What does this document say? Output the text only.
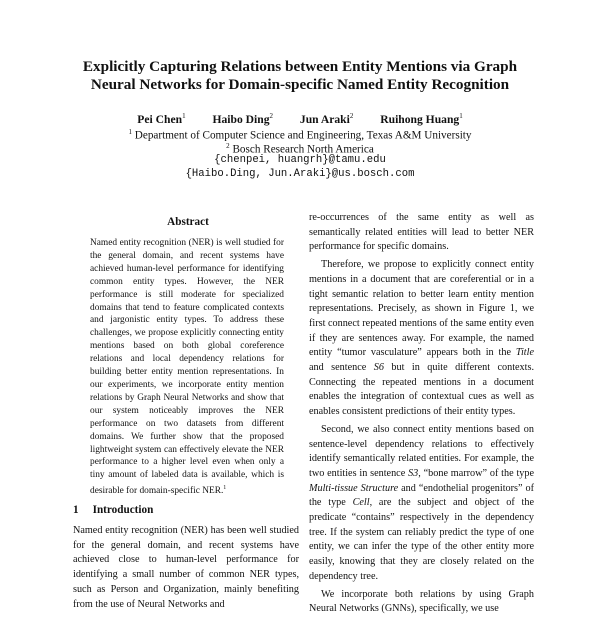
Explicitly Capturing Relations between Entity Mentions via Graph Neural Networks for Domain-specific Named Entity Recognition
Pei Chen$^1$ Haibo Ding$^2$ Jun Araki$^2$ Ruihong Huang$^1$
$^1$ Department of Computer Science and Engineering, Texas A&M University
$^2$ Bosch Research North America
{chenpei, huangrh}@tamu.edu
{Haibo.Ding, Jun.Araki}@us.bosch.com
Abstract
Named entity recognition (NER) is well studied for the general domain, and recent systems have achieved human-level performance for identifying common entity types. However, the NER performance is still moderate for specialized domains that tend to feature complicated contexts and jargonistic entity types. To address these challenges, we propose explicitly connecting entity mentions based on both global coreference relations and local dependency relations for building better entity mention representations. In our experiments, we incorporate entity mention relations by Graph Neural Networks and show that our system noticeably improves the NER performance on two datasets from different domains. We further show that the proposed lightweight system can effectively elevate the NER performance to a higher level even when only a tiny amount of labeled data is available, which is desirable for domain-specific NER.$^1$
1 Introduction

Named entity recognition (NER) has been well studied for the general domain, and recent systems have achieved close to human-level performance for identifying a small number of common NER types, such as Person and Organization, mainly benefiting from the use of Neural Networks and

re-occurrences of the same entity as well as semantically related entities will lead to better NER performance for specific domains.

Therefore, we propose to explicitly connect entity mentions in a document that are coreferential or in a tight semantic relation to better learn entity mention representations. Precisely, as shown in Figure 1, we first connect repeated mentions of the same entity even if they are sentences away. For example, the named entity “tumor vasculature” appears both in the Title and sentence S6 but in quite different contexts. Connecting the repeated mentions in a document enables the integration of contextual cues as well as enables consistent predictions of their entity types.

Second, we also connect entity mentions based on sentence-level dependency relations to effectively identify semantically related entities. For example, the two entities in sentence S3, “bone marrow” of the type Multi-tissue Structure and “endothelial progenitors” of the type Cell, are the subject and object of the predicate “contains” respectively in the dependency tree. If the system can reliably predict the type of one entity, we can infer the type of the other entity more easily, knowing that they are closely related on the dependency tree.

We incorporate both relations by using Graph Neural Networks (GNNs), specifically, we use
